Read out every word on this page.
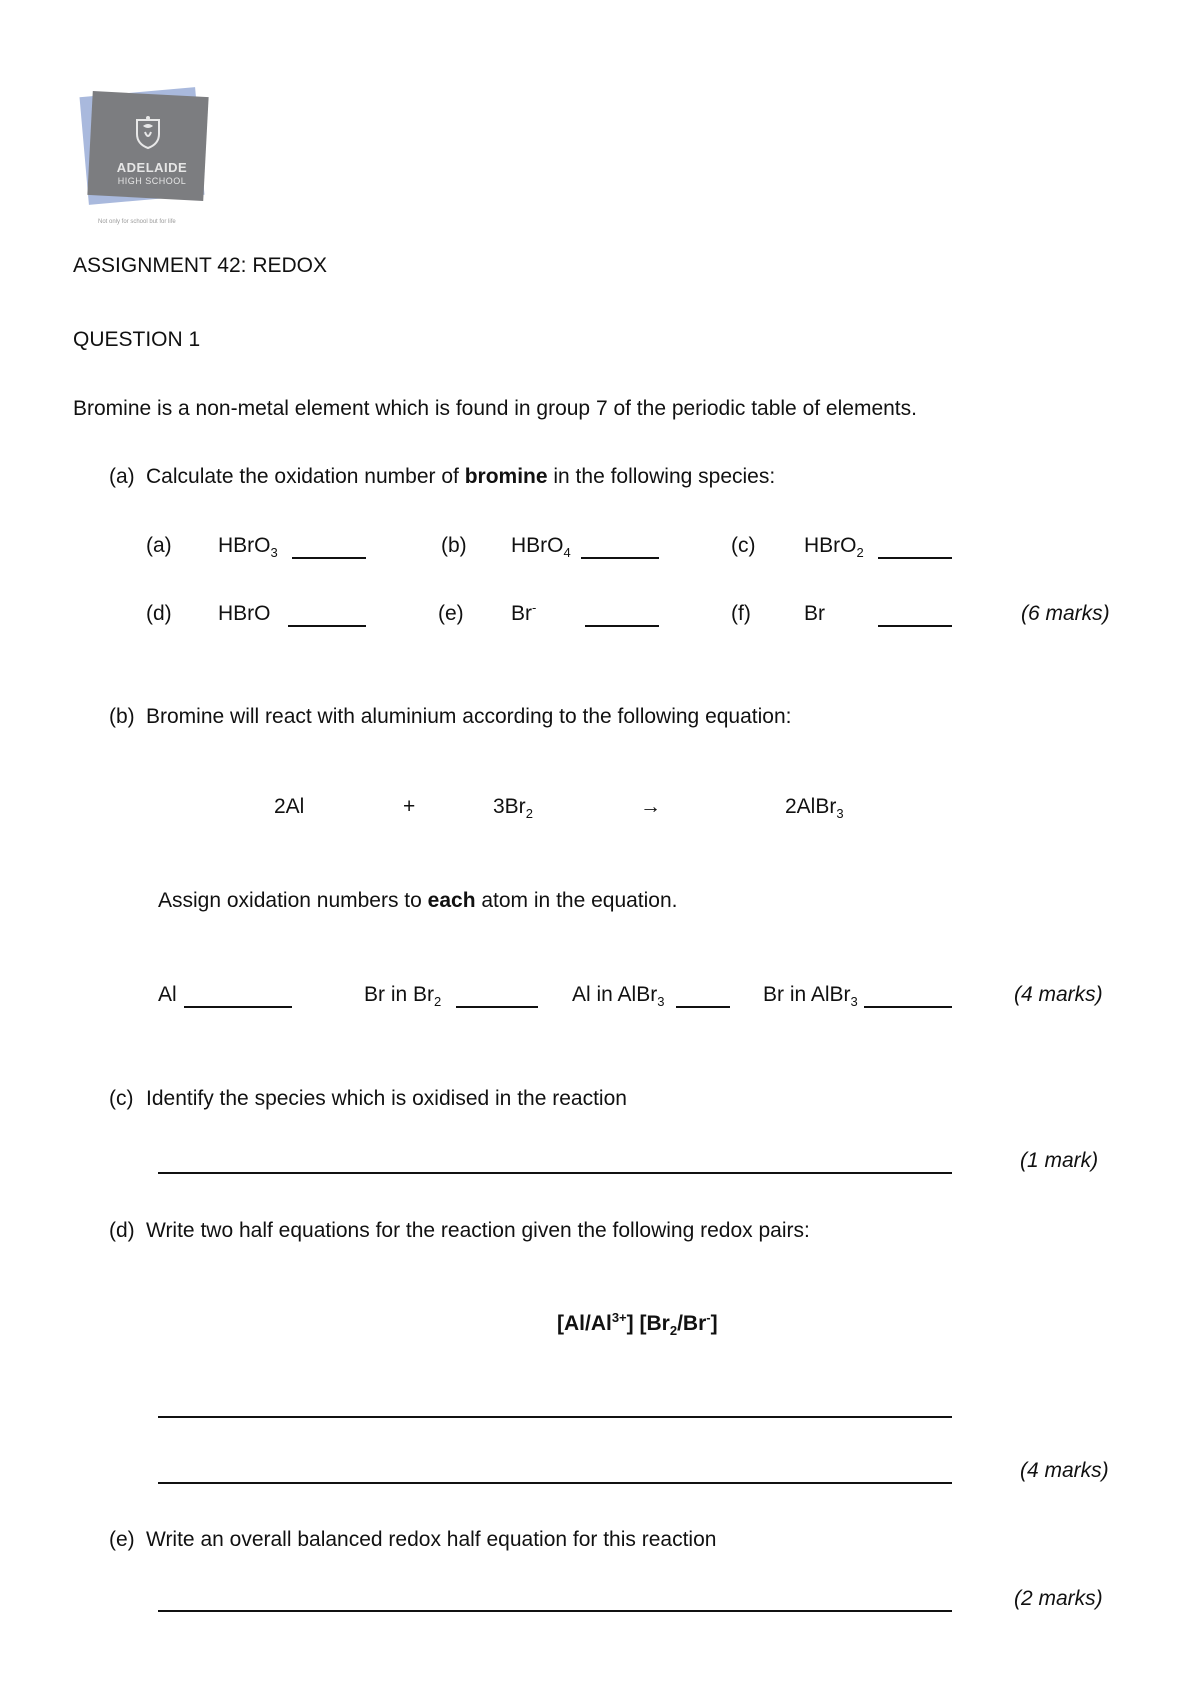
ADELAIDE
HIGH SCHOOL
Not only for school but for life
ASSIGNMENT 42: REDOX
QUESTION 1
Bromine is a non-metal element which is found in group 7 of the periodic table of elements.
(a) Calculate the oxidation number of bromine in the following species:
(a) HBrO$_3$	(b) HBrO$_4$	(c) HBrO$_2$
(d) HBrO	(e) Br-	(f)	Br	(6 marks)
(b) Bromine will react with aluminium according to the following equation:
2Al	+	$3Br_2$	→	2AlBr$_3$
Assign oxidation numbers to each atom in the equation.
Al	Br in $Br_2$	Al in AlBr$_3$	Br in AlBr$_3$	(4 marks)
(c) Identify the species which is oxidised in the reaction
(1 mark)
(d) Write two half equations for the reaction given the following redox pairs:
$[Al/Al^{3+}]$ $[Br_2/Br^-]$
(4 marks)
(e) Write an overall balanced redox half equation for this reaction
(2 marks)
